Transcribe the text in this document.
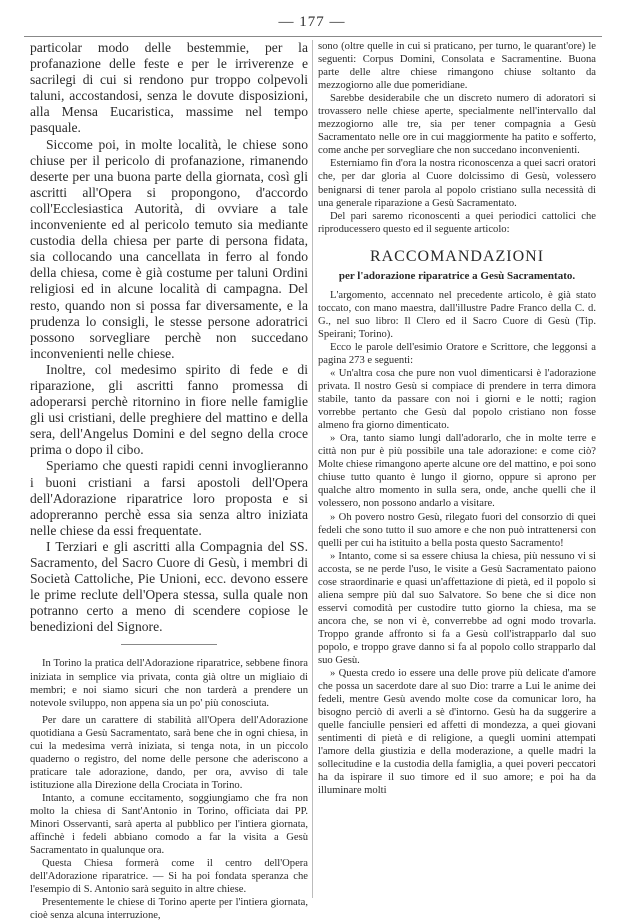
— 177 —

particolar modo delle bestemmie, per la profanazione delle feste e per le irriverenze e sacrilegi di cui si rendono pur troppo colpevoli taluni, accostandosi, senza le dovute disposizioni, alla Mensa Eucaristica, massime nel tempo pasquale.

Siccome poi, in molte località, le chiese sono chiuse per il pericolo di profanazione, rimanendo deserte per una buona parte della giornata, così gli ascritti all'Opera si propongono, d'accordo coll'Ecclesiastica Autorità, di ovviare a tale inconveniente ed al pericolo temuto sia mediante custodia della chiesa per parte di persona fidata, sia collocando una cancellata in ferro al fondo della chiesa, come è già costume per taluni Ordini religiosi ed in alcune località di campagna. Del resto, quando non si possa far diversamente, e la prudenza lo consigli, le stesse persone adoratrici possono sorvegliare perchè non succedano inconvenienti nelle chiese.

Inoltre, col medesimo spirito di fede e di riparazione, gli ascritti fanno promessa di adoperarsi perchè ritornino in fiore nelle famiglie gli usi cristiani, delle preghiere del mattino e della sera, dell'Angelus Domini e del segno della croce prima o dopo il cibo.

Speriamo che questi rapidi cenni invoglieranno i buoni cristiani a farsi apostoli dell'Opera dell'Adorazione riparatrice loro proposta e si adopreranno perchè essa sia senza altro iniziata nelle chiese da essi frequentate.

I Terziari e gli ascritti alla Compagnia del SS. Sacramento, del Sacro Cuore di Gesù, i membri di Società Cattoliche, Pie Unioni, ecc. devono essere le prime reclute dell'Opera stessa, sulla quale non potranno certo a meno di scendere copiose le benedizioni del Signore.

In Torino la pratica dell'Adorazione riparatrice, sebbene finora iniziata in semplice via privata, conta già oltre un migliaio di membri; e noi siamo sicuri che non tarderà a prendere un notevole sviluppo, non appena sia un po' più conosciuta.

Per dare un carattere di stabilità all'Opera dell'Adorazione quotidiana a Gesù Sacramentato, sarà bene che in ogni chiesa, in cui la medesima verrà iniziata, si tenga nota, in un piccolo quaderno o registro, del nome delle persone che aderiscono a praticare tale adorazione, dando, per ora, avviso di tale istituzione alla Direzione della Crociata in Torino.

Intanto, a comune eccitamento, soggiungiamo che fra non molto la chiesa di Sant'Antonio in Torino, officiata dai PP. Minori Osservanti, sarà aperta al pubblico per l'intiera giornata, affinchè i fedeli abbiano comodo a far la visita a Gesù Sacramentato in qualunque ora.

Questa Chiesa formerà come il centro dell'Opera dell'Adorazione riparatrice. — Si ha poi fondata speranza che l'esempio di S. Antonio sarà seguito in altre chiese.

Presentemente le chiese di Torino aperte per l'intiera giornata, cioè senza alcuna interruzione,

sono (oltre quelle in cui si praticano, per turno, le quarant'ore) le seguenti: Corpus Domini, Consolata e Sacramentine. Buona parte delle altre chiese rimangono chiuse soltanto da mezzogiorno alle due pomeridiane.

Sarebbe desiderabile che un discreto numero di adoratori si trovassero nelle chiese aperte, specialmente nell'intervallo dal mezzogiorno alle tre, sia per tener compagnia a Gesù Sacramentato nelle ore in cui maggiormente ha patito e sofferto, come anche per sorvegliare che non succedano inconvenienti.

Esterniamo fin d'ora la nostra riconoscenza a quei sacri oratori che, per dar gloria al Cuore dolcissimo di Gesù, volessero benignarsi di tener parola al popolo cristiano sulla necessità di una generale riparazione a Gesù Sacramentato.

Del pari saremo riconoscenti a quei periodici cattolici che riproducessero questo ed il seguente articolo:

RACCOMANDAZIONI
per l'adorazione riparatrice a Gesù Sacramentato.

L'argomento, accennato nel precedente articolo, è già stato toccato, con mano maestra, dall'illustre Padre Franco della C. d. G., nel suo libro: Il Clero ed il Sacro Cuore di Gesù (Tip. Speirani; Torino).

Ecco le parole dell'esimio Oratore e Scrittore, che leggonsi a pagina 273 e seguenti:

« Un'altra cosa che pure non vuol dimenticarsi è l'adorazione privata. Il nostro Gesù si compiace di prendere in terra dimora stabile, tanto da passare con noi i giorni e le notti; ragion vorrebbe pertanto che Gesù dal popolo cristiano non fosse almeno fra giorno dimenticato.

» Ora, tanto siamo lungi dall'adorarlo, che in molte terre e città non pur è più possibile una tale adorazione: e come ciò? Molte chiese rimangono aperte alcune ore del mattino, e poi sono chiuse tutto quanto è lungo il giorno, oppure si aprono per qualche altro momento in sulla sera, onde, anche quelli che il volessero, non possono andarlo a visitare.

» Oh povero nostro Gesù, rilegato fuori del consorzio di quei fedeli che sono tutto il suo amore e che non può intrattenersi con quelli per cui ha istituito a bella posta questo Sacramento!

» Intanto, come si sa essere chiusa la chiesa, più nessuno vi si accosta, se ne perde l'uso, le visite a Gesù Sacramentato paiono cose straordinarie e quasi un'affettazione di pietà, ed il popolo si aliena sempre più dal suo Salvatore. So bene che si dice non esservi comodità per custodire tutto giorno la chiesa, ma se ancora che, se non vi è, converrebbe ad ogni modo trovarla. Troppo grande affronto si fa a Gesù coll'istrapparlo dal suo popolo, e troppo grave danno si fa al popolo collo strapparlo dal suo Gesù.

» Questa credo io essere una delle prove più delicate d'amore che possa un sacerdote dare al suo Dio: trarre a Lui le anime dei fedeli, mentre Gesù avendo molte cose da comunicar loro, ha bisogno perciò di averli a sè d'intorno. Gesù ha da suggerire a quelle fanciulle pensieri ed affetti di mondezza, a quei giovani sentimenti di pietà e di religione, a quegli uomini attempati l'amore della giustizia e della moderazione, a quelle madri la sollecitudine e la custodia della famiglia, a quei poveri peccatori ha da ispirare il suo timore ed il suo amore; e poi ha da illuminare molti
